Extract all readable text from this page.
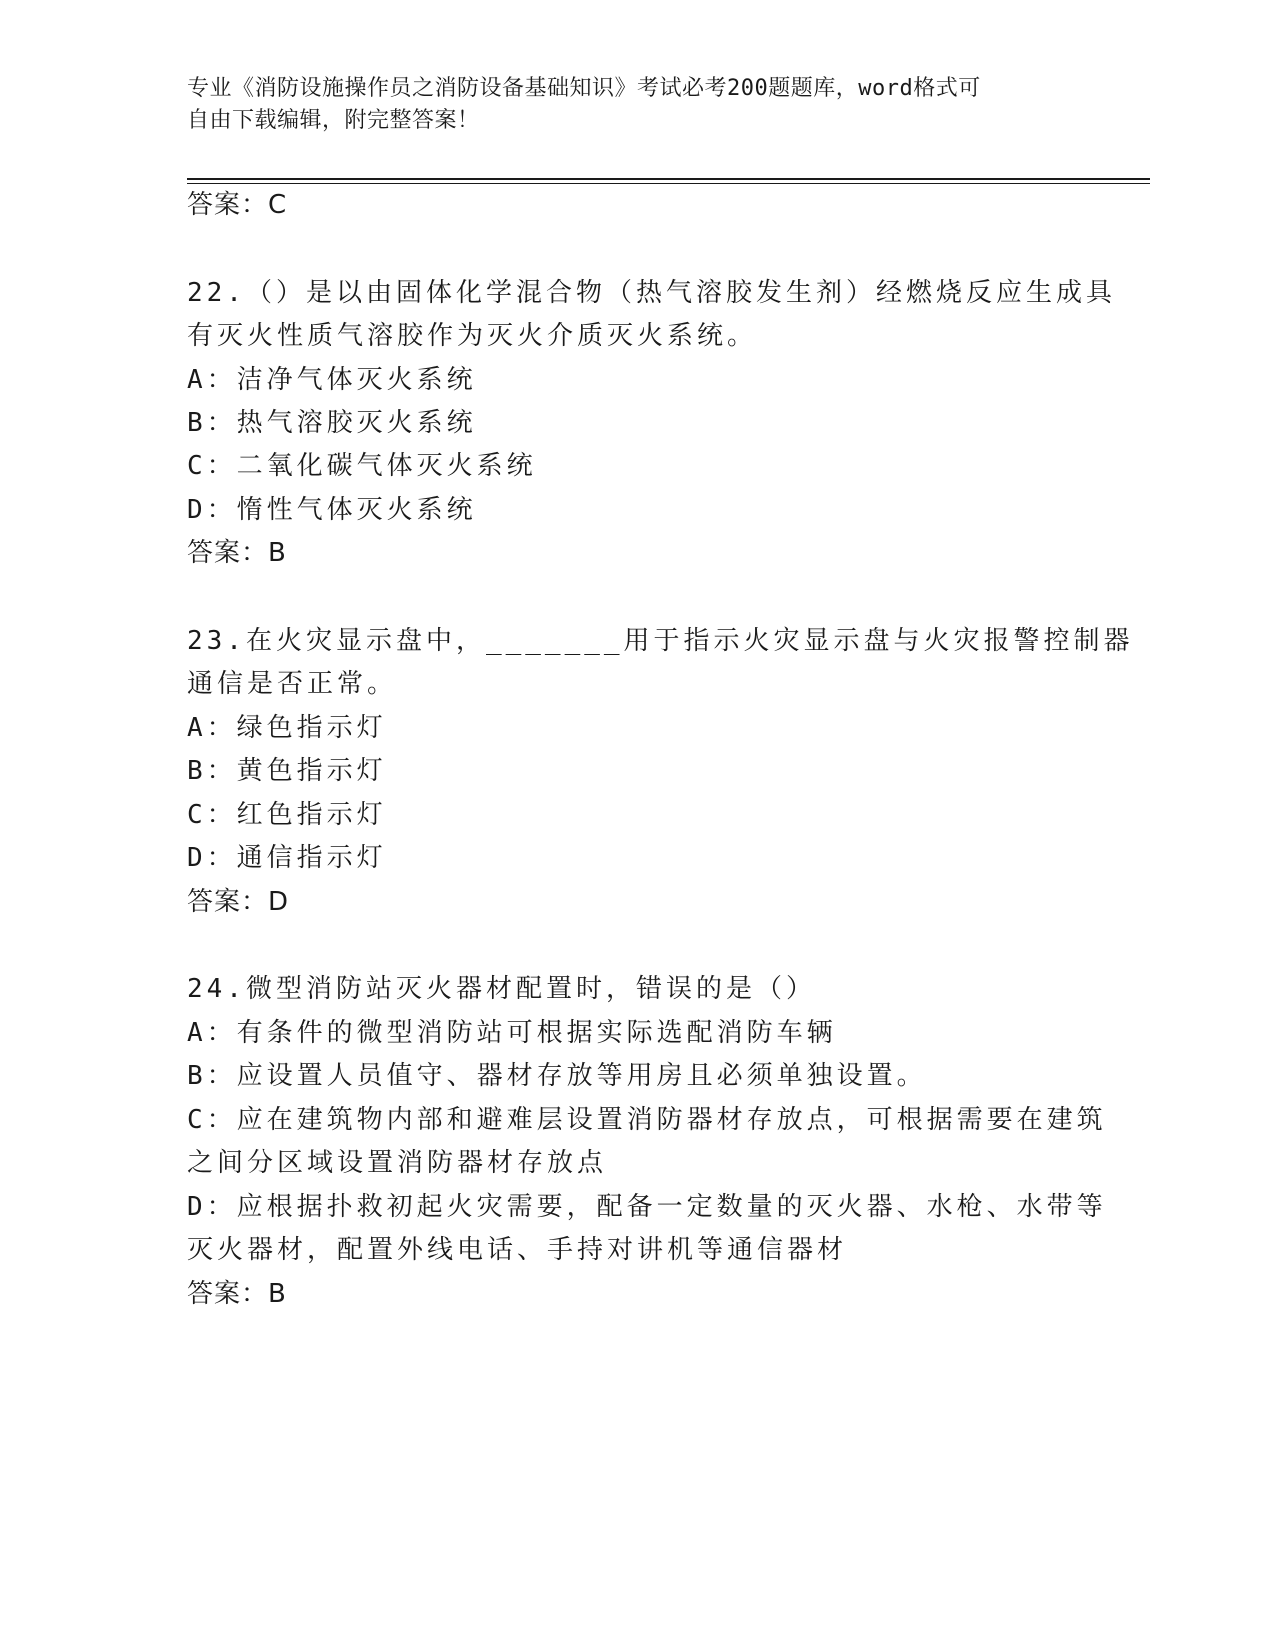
专业《消防设施操作员之消防设备基础知识》考试必考200题题库，word格式可
自由下载编辑，附完整答案！
答案：C
22.（）是以由固体化学混合物（热气溶胶发生剂）经燃烧反应生成具
有灭火性质气溶胶作为灭火介质灭火系统。
A：洁净气体灭火系统
B：热气溶胶灭火系统
C：二氧化碳气体灭火系统
D：惰性气体灭火系统
答案：B
23.在火灾显示盘中，_______用于指示火灾显示盘与火灾报警控制器
通信是否正常。
A：绿色指示灯
B：黄色指示灯
C：红色指示灯
D：通信指示灯
答案：D
24.微型消防站灭火器材配置时，错误的是（）
A：有条件的微型消防站可根据实际选配消防车辆
B：应设置人员值守、器材存放等用房且必须单独设置。
C：应在建筑物内部和避难层设置消防器材存放点，可根据需要在建筑
之间分区域设置消防器材存放点
D：应根据扑救初起火灾需要，配备一定数量的灭火器、水枪、水带等
灭火器材，配置外线电话、手持对讲机等通信器材
答案：B
